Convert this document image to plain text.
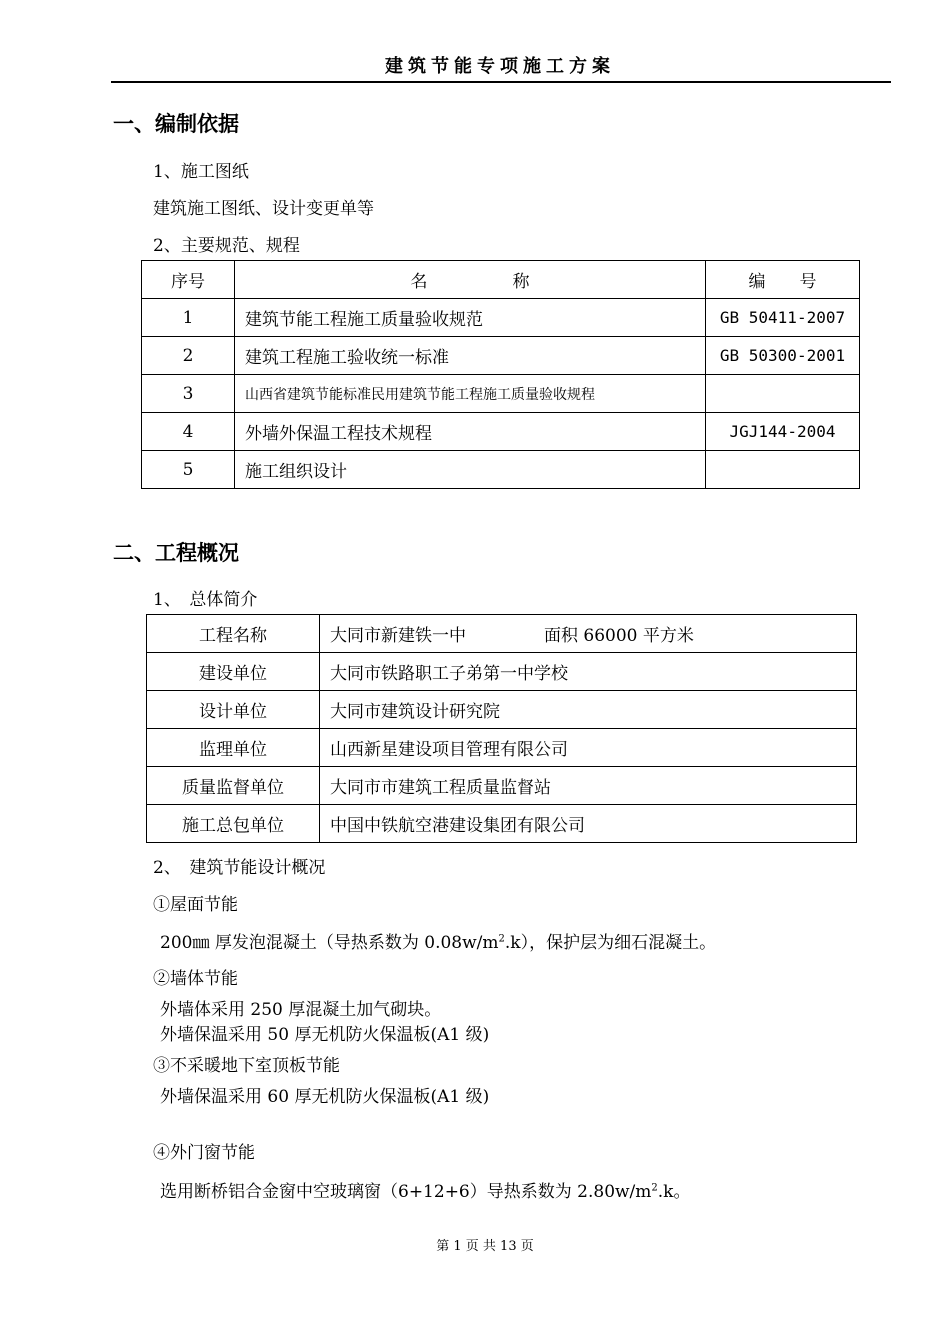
建筑节能专项施工方案
一、编制依据
1、施工图纸
建筑施工图纸、设计变更单等
2、主要规范、规程
序号	名　　　　　称	编　　号
1	建筑节能工程施工质量验收规范	GB 50411-2007
2	建筑工程施工验收统一标准	GB 50300-2001
3	山西省建筑节能标准民用建筑节能工程施工质量验收规程	
4	外墙外保温工程技术规程	JGJ144-2004
5	施工组织设计	
二、工程概况
1、　总体简介
工程名称	大同市新建铁一中 面积 66000 平方米
建设单位	大同市铁路职工子弟第一中学校
设计单位	大同市建筑设计研究院
监理单位	山西新星建设项目管理有限公司
质量监督单位	大同市市建筑工程质量监督站
施工总包单位	中国中铁航空港建设集团有限公司
2、　建筑节能设计概况
①屋面节能
200㎜ 厚发泡混凝土（导热系数为 $0.08w/m^2.k$），保护层为细石混凝土。
②墙体节能
外墙体采用 250 厚混凝土加气砌块。
外墙保温采用 50 厚无机防火保温板(A1 级)
③不采暖地下室顶板节能
外墙保温采用 60 厚无机防火保温板(A1 级)
④外门窗节能
选用断桥铝合金窗中空玻璃窗（6+12+6）导热系数为 $2.80w/m^2.k$。
第 1 页 共 13 页
